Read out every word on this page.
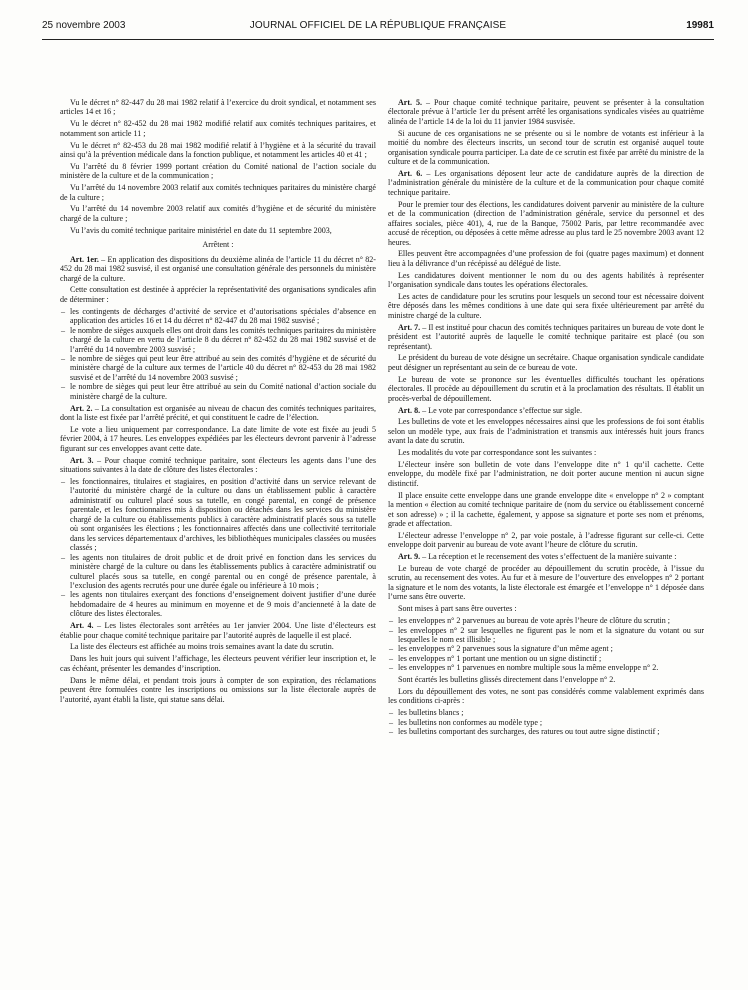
25 novembre 2003	JOURNAL OFFICIEL DE LA RÉPUBLIQUE FRANÇAISE	19981

Vu le décret n° 82-447 du 28 mai 1982 relatif à l’exercice du droit syndical, et notamment ses articles 14 et 16 ;

Vu le décret n° 82-452 du 28 mai 1982 modifié relatif aux comités techniques paritaires, et notamment son article 11 ;

Vu le décret n° 82-453 du 28 mai 1982 modifié relatif à l’hygiène et à la sécurité du travail ainsi qu’à la prévention médicale dans la fonction publique, et notamment les articles 40 et 41 ;

Vu l’arrêté du 8 février 1999 portant création du Comité national de l’action sociale du ministère de la culture et de la communication ;

Vu l’arrêté du 14 novembre 2003 relatif aux comités techniques paritaires du ministère chargé de la culture ;

Vu l’arrêté du 14 novembre 2003 relatif aux comités d’hygiène et de sécurité du ministère chargé de la culture ;

Vu l’avis du comité technique paritaire ministériel en date du 11 septembre 2003,

Arrêtent :

Art. 1er. – En application des dispositions du deuxième alinéa de l’article 11 du décret n° 82-452 du 28 mai 1982 susvisé, il est organisé une consultation générale des personnels du ministère chargé de la culture.

Cette consultation est destinée à apprécier la représentativité des organisations syndicales afin de déterminer :

– les contingents de décharges d’activité de service et d’autorisations spéciales d’absence en application des articles 16 et 14 du décret n° 82-447 du 28 mai 1982 susvisé ;
– le nombre de sièges auxquels elles ont droit dans les comités techniques paritaires du ministère chargé de la culture en vertu de l’article 8 du décret n° 82-452 du 28 mai 1982 susvisé et de l’arrêté du 14 novembre 2003 susvisé ;
– le nombre de sièges qui peut leur être attribué au sein des comités d’hygiène et de sécurité du ministère chargé de la culture aux termes de l’article 40 du décret n° 82-453 du 28 mai 1982 susvisé et de l’arrêté du 14 novembre 2003 susvisé ;
– le nombre de sièges qui peut leur être attribué au sein du Comité national d’action sociale du ministère chargé de la culture.

Art. 2. – La consultation est organisée au niveau de chacun des comités techniques paritaires, dont la liste est fixée par l’arrêté précité, et qui constituent le cadre de l’élection.

Le vote a lieu uniquement par correspondance. La date limite de vote est fixée au jeudi 5 février 2004, à 17 heures. Les enveloppes expédiées par les électeurs devront parvenir à l’adresse figurant sur ces enveloppes avant cette date.

Art. 3. – Pour chaque comité technique paritaire, sont électeurs les agents dans l’une des situations suivantes à la date de clôture des listes électorales :

– les fonctionnaires, titulaires et stagiaires, en position d’activité dans un service relevant de l’autorité du ministère chargé de la culture ou dans un établissement public à caractère administratif ou culturel placé sous sa tutelle, en congé parental, en congé de présence parentale, et les fonctionnaires mis à disposition ou détachés dans les services du ministère chargé de la culture ou établissements publics à caractère administratif placés sous sa tutelle où sont organisées les élections ; les fonctionnaires affectés dans une collectivité territoriale dans les services départementaux d’archives, les bibliothèques municipales classées ou musées classés ;
– les agents non titulaires de droit public et de droit privé en fonction dans les services du ministère chargé de la culture ou dans les établissements publics à caractère administratif ou culturel placés sous sa tutelle, en congé parental ou en congé de présence parentale, à l’exclusion des agents recrutés pour une durée égale ou inférieure à 10 mois ;
– les agents non titulaires exerçant des fonctions d’enseignement doivent justifier d’une durée hebdomadaire de 4 heures au minimum en moyenne et de 9 mois d’ancienneté à la date de clôture des listes électorales.

Art. 4. – Les listes électorales sont arrêtées au 1er janvier 2004. Une liste d’électeurs est établie pour chaque comité technique paritaire par l’autorité auprès de laquelle il est placé.

La liste des électeurs est affichée au moins trois semaines avant la date du scrutin.

Dans les huit jours qui suivent l’affichage, les électeurs peuvent vérifier leur inscription et, le cas échéant, présenter les demandes d’inscription.

Dans le même délai, et pendant trois jours à compter de son expiration, des réclamations peuvent être formulées contre les inscriptions ou omissions sur la liste électorale auprès de l’autorité, ayant établi la liste, qui statue sans délai.

Art. 5. – Pour chaque comité technique paritaire, peuvent se présenter à la consultation électorale prévue à l’article 1er du présent arrêté les organisations syndicales visées au quatrième alinéa de l’article 14 de la loi du 11 janvier 1984 susvisée.

Si aucune de ces organisations ne se présente ou si le nombre de votants est inférieur à la moitié du nombre des électeurs inscrits, un second tour de scrutin est organisé auquel toute organisation syndicale pourra participer. La date de ce scrutin est fixée par arrêté du ministre de la culture et de la communication.

Art. 6. – Les organisations déposent leur acte de candidature auprès de la direction de l’administration générale du ministère de la culture et de la communication pour chaque comité technique paritaire.

Pour le premier tour des élections, les candidatures doivent parvenir au ministère de la culture et de la communication (direction de l’administration générale, service du personnel et des affaires sociales, pièce 401), 4, rue de la Banque, 75002 Paris, par lettre recommandée avec accusé de réception, ou déposées à cette même adresse au plus tard le 25 novembre 2003 avant 12 heures.

Elles peuvent être accompagnées d’une profession de foi (quatre pages maximum) et donnent lieu à la délivrance d’un récépissé au délégué de liste.

Les candidatures doivent mentionner le nom du ou des agents habilités à représenter l’organisation syndicale dans toutes les opérations électorales.

Les actes de candidature pour les scrutins pour lesquels un second tour est nécessaire doivent être déposés dans les mêmes conditions à une date qui sera fixée ultérieurement par arrêté du ministre chargé de la culture.

Art. 7. – Il est institué pour chacun des comités techniques paritaires un bureau de vote dont le président est l’autorité auprès de laquelle le comité technique paritaire est placé (ou son représentant).

Le président du bureau de vote désigne un secrétaire. Chaque organisation syndicale candidate peut désigner un représentant au sein de ce bureau de vote.

Le bureau de vote se prononce sur les éventuelles difficultés touchant les opérations électorales. Il procède au dépouillement du scrutin et à la proclamation des résultats. Il établit un procès-verbal de dépouillement.

Art. 8. – Le vote par correspondance s’effectue sur sigle.

Les bulletins de vote et les enveloppes nécessaires ainsi que les professions de foi sont établis selon un modèle type, aux frais de l’administration et transmis aux intéressés huit jours francs avant la date du scrutin.

Les modalités du vote par correspondance sont les suivantes :

L’électeur insère son bulletin de vote dans l’enveloppe dite n° 1 qu’il cachette. Cette enveloppe, du modèle fixé par l’administration, ne doit porter aucune mention ni aucun signe distinctif.

Il place ensuite cette enveloppe dans une grande enveloppe dite « enveloppe n° 2 » comptant la mention « élection au comité technique paritaire de (nom du service ou établissement concerné et son adresse) » ; il la cachette, également, y appose sa signature et porte ses nom et prénoms, grade et affectation.

L’électeur adresse l’enveloppe n° 2, par voie postale, à l’adresse figurant sur celle-ci. Cette enveloppe doit parvenir au bureau de vote avant l’heure de clôture du scrutin.

Art. 9. – La réception et le recensement des votes s’effectuent de la manière suivante :

Le bureau de vote chargé de procéder au dépouillement du scrutin procède, à l’issue du scrutin, au recensement des votes. Au fur et à mesure de l’ouverture des enveloppes n° 2 portant la signature et le nom des votants, la liste électorale est émargée et l’enveloppe n° 1 déposée dans l’urne sans être ouverte.

Sont mises à part sans être ouvertes :

– les enveloppes n° 2 parvenues au bureau de vote après l’heure de clôture du scrutin ;
– les enveloppes n° 2 sur lesquelles ne figurent pas le nom et la signature du votant ou sur lesquelles le nom est illisible ;
– les enveloppes n° 2 parvenues sous la signature d’un même agent ;
– les enveloppes n° 1 portant une mention ou un signe distinctif ;
– les enveloppes n° 1 parvenues en nombre multiple sous la même enveloppe n° 2.

Sont écartés les bulletins glissés directement dans l’enveloppe n° 2.

Lors du dépouillement des votes, ne sont pas considérés comme valablement exprimés dans les conditions ci-après :

– les bulletins blancs ;
– les bulletins non conformes au modèle type ;
– les bulletins comportant des surcharges, des ratures ou tout autre signe distinctif ;
